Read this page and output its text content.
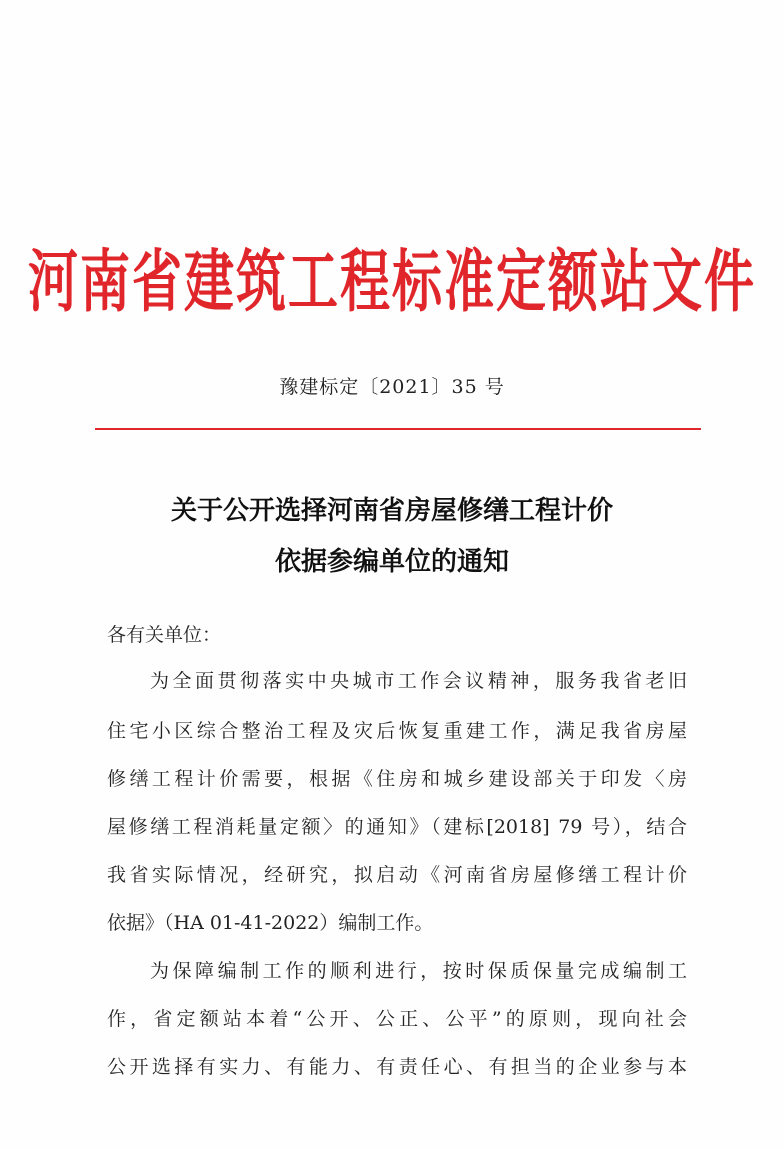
河南省建筑工程标准定额站文件
豫建标定〔2021〕35 号
关于公开选择河南省房屋修缮工程计价
依据参编单位的通知
各有关单位：
为全面贯彻落实中央城市工作会议精神，服务我省老旧
住宅小区综合整治工程及灾后恢复重建工作，满足我省房屋
修缮工程计价需要，根据《住房和城乡建设部关于印发〈房
屋修缮工程消耗量定额〉的通知》（建标[2018] 79 号），结合
我省实际情况，经研究，拟启动《河南省房屋修缮工程计价
依据》（HA 01-41-2022）编制工作。
为保障编制工作的顺利进行，按时保质保量完成编制工
作，省定额站本着“公开、公正、公平”的原则，现向社会
公开选择有实力、有能力、有责任心、有担当的企业参与本
